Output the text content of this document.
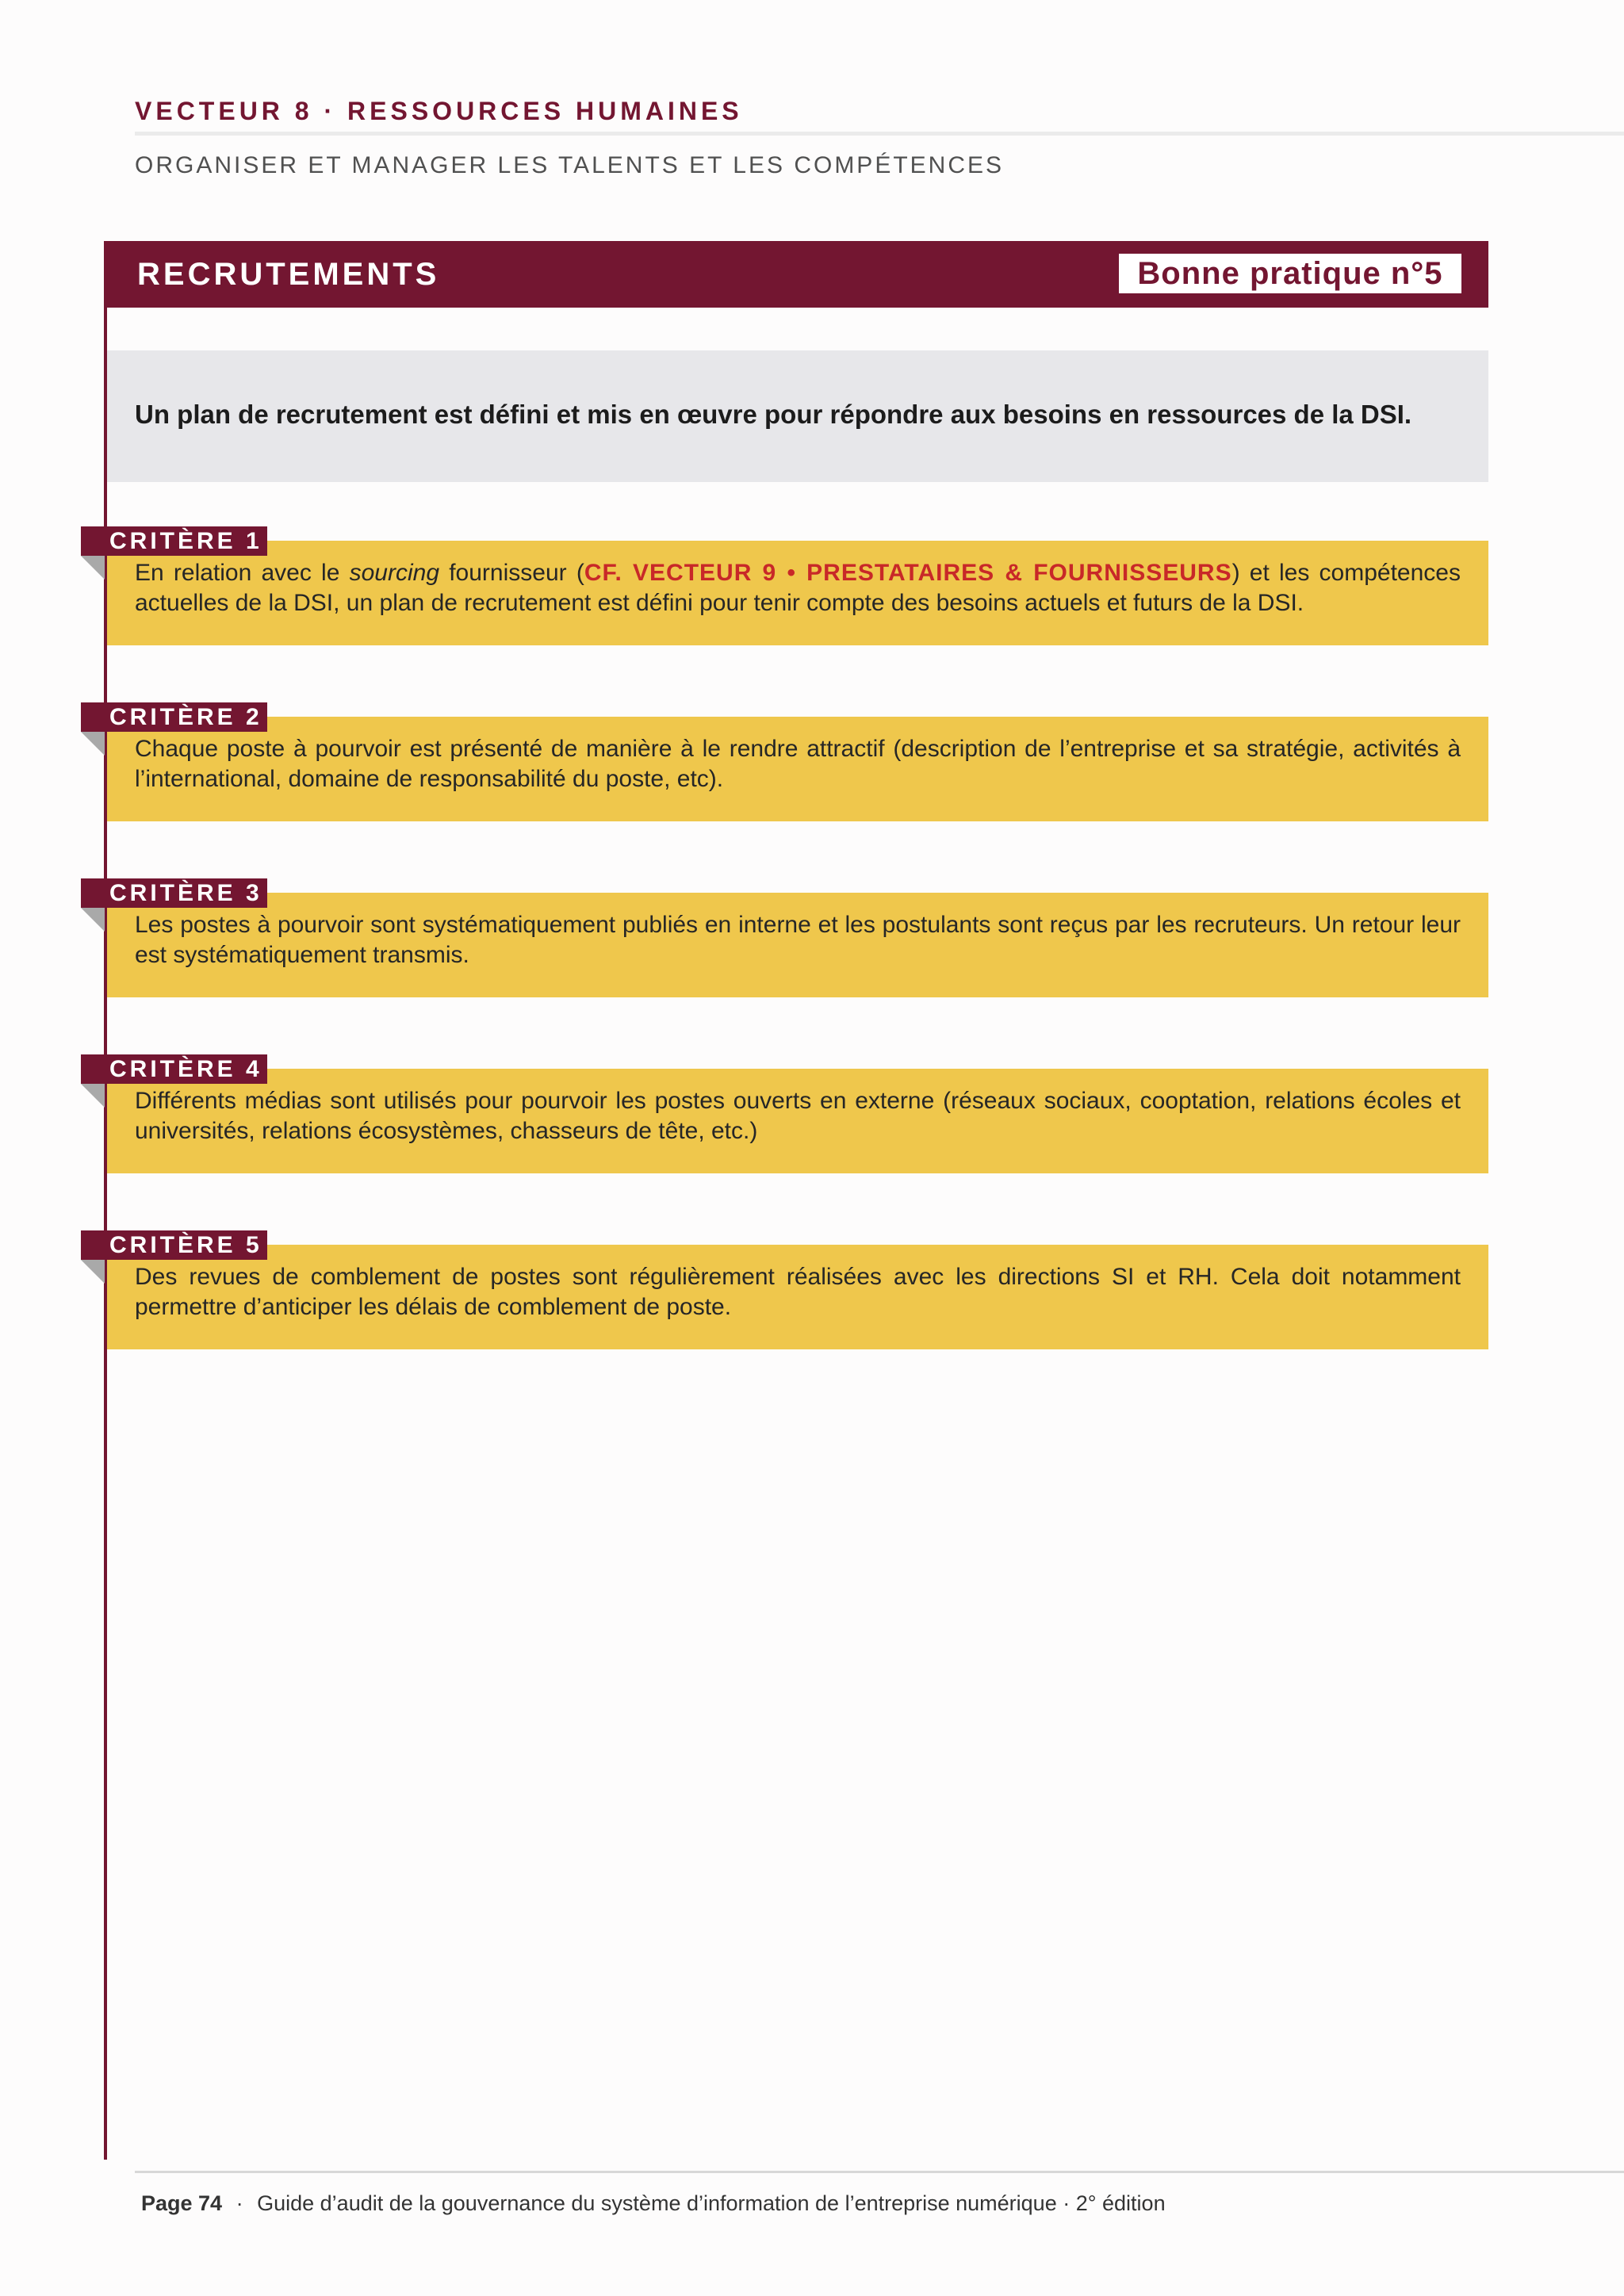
VECTEUR 8 · RESSOURCES HUMAINES
ORGANISER ET MANAGER LES TALENTS ET LES COMPÉTENCES
RECRUTEMENTS	Bonne pratique n°5
Un plan de recrutement est défini et mis en œuvre pour répondre aux besoins en ressources de la DSI.
En relation avec le sourcing fournisseur (CF. VECTEUR 9 • PRESTATAIRES & FOURNISSEURS) et les compétences actuelles de la DSI, un plan de recrutement est défini pour tenir compte des besoins actuels et futurs de la DSI.
CRITÈRE 1
Chaque poste à pourvoir est présenté de manière à le rendre attractif (description de l’entreprise et sa stratégie, activités à l’international, domaine de responsabilité du poste, etc).
CRITÈRE 2
Les postes à pourvoir sont systématiquement publiés en interne et les postulants sont reçus par les recruteurs. Un retour leur est systématiquement transmis.
CRITÈRE 3
Différents médias sont utilisés pour pourvoir les postes ouverts en externe (réseaux sociaux, cooptation, relations écoles et universités, relations écosystèmes, chasseurs de tête, etc.)
CRITÈRE 4
Des revues de comblement de postes sont régulièrement réalisées avec les directions SI et RH. Cela doit notamment permettre d’anticiper les délais de comblement de poste.
CRITÈRE 5
Page 74 · Guide d’audit de la gouvernance du système d’information de l’entreprise numérique · 2° édition
